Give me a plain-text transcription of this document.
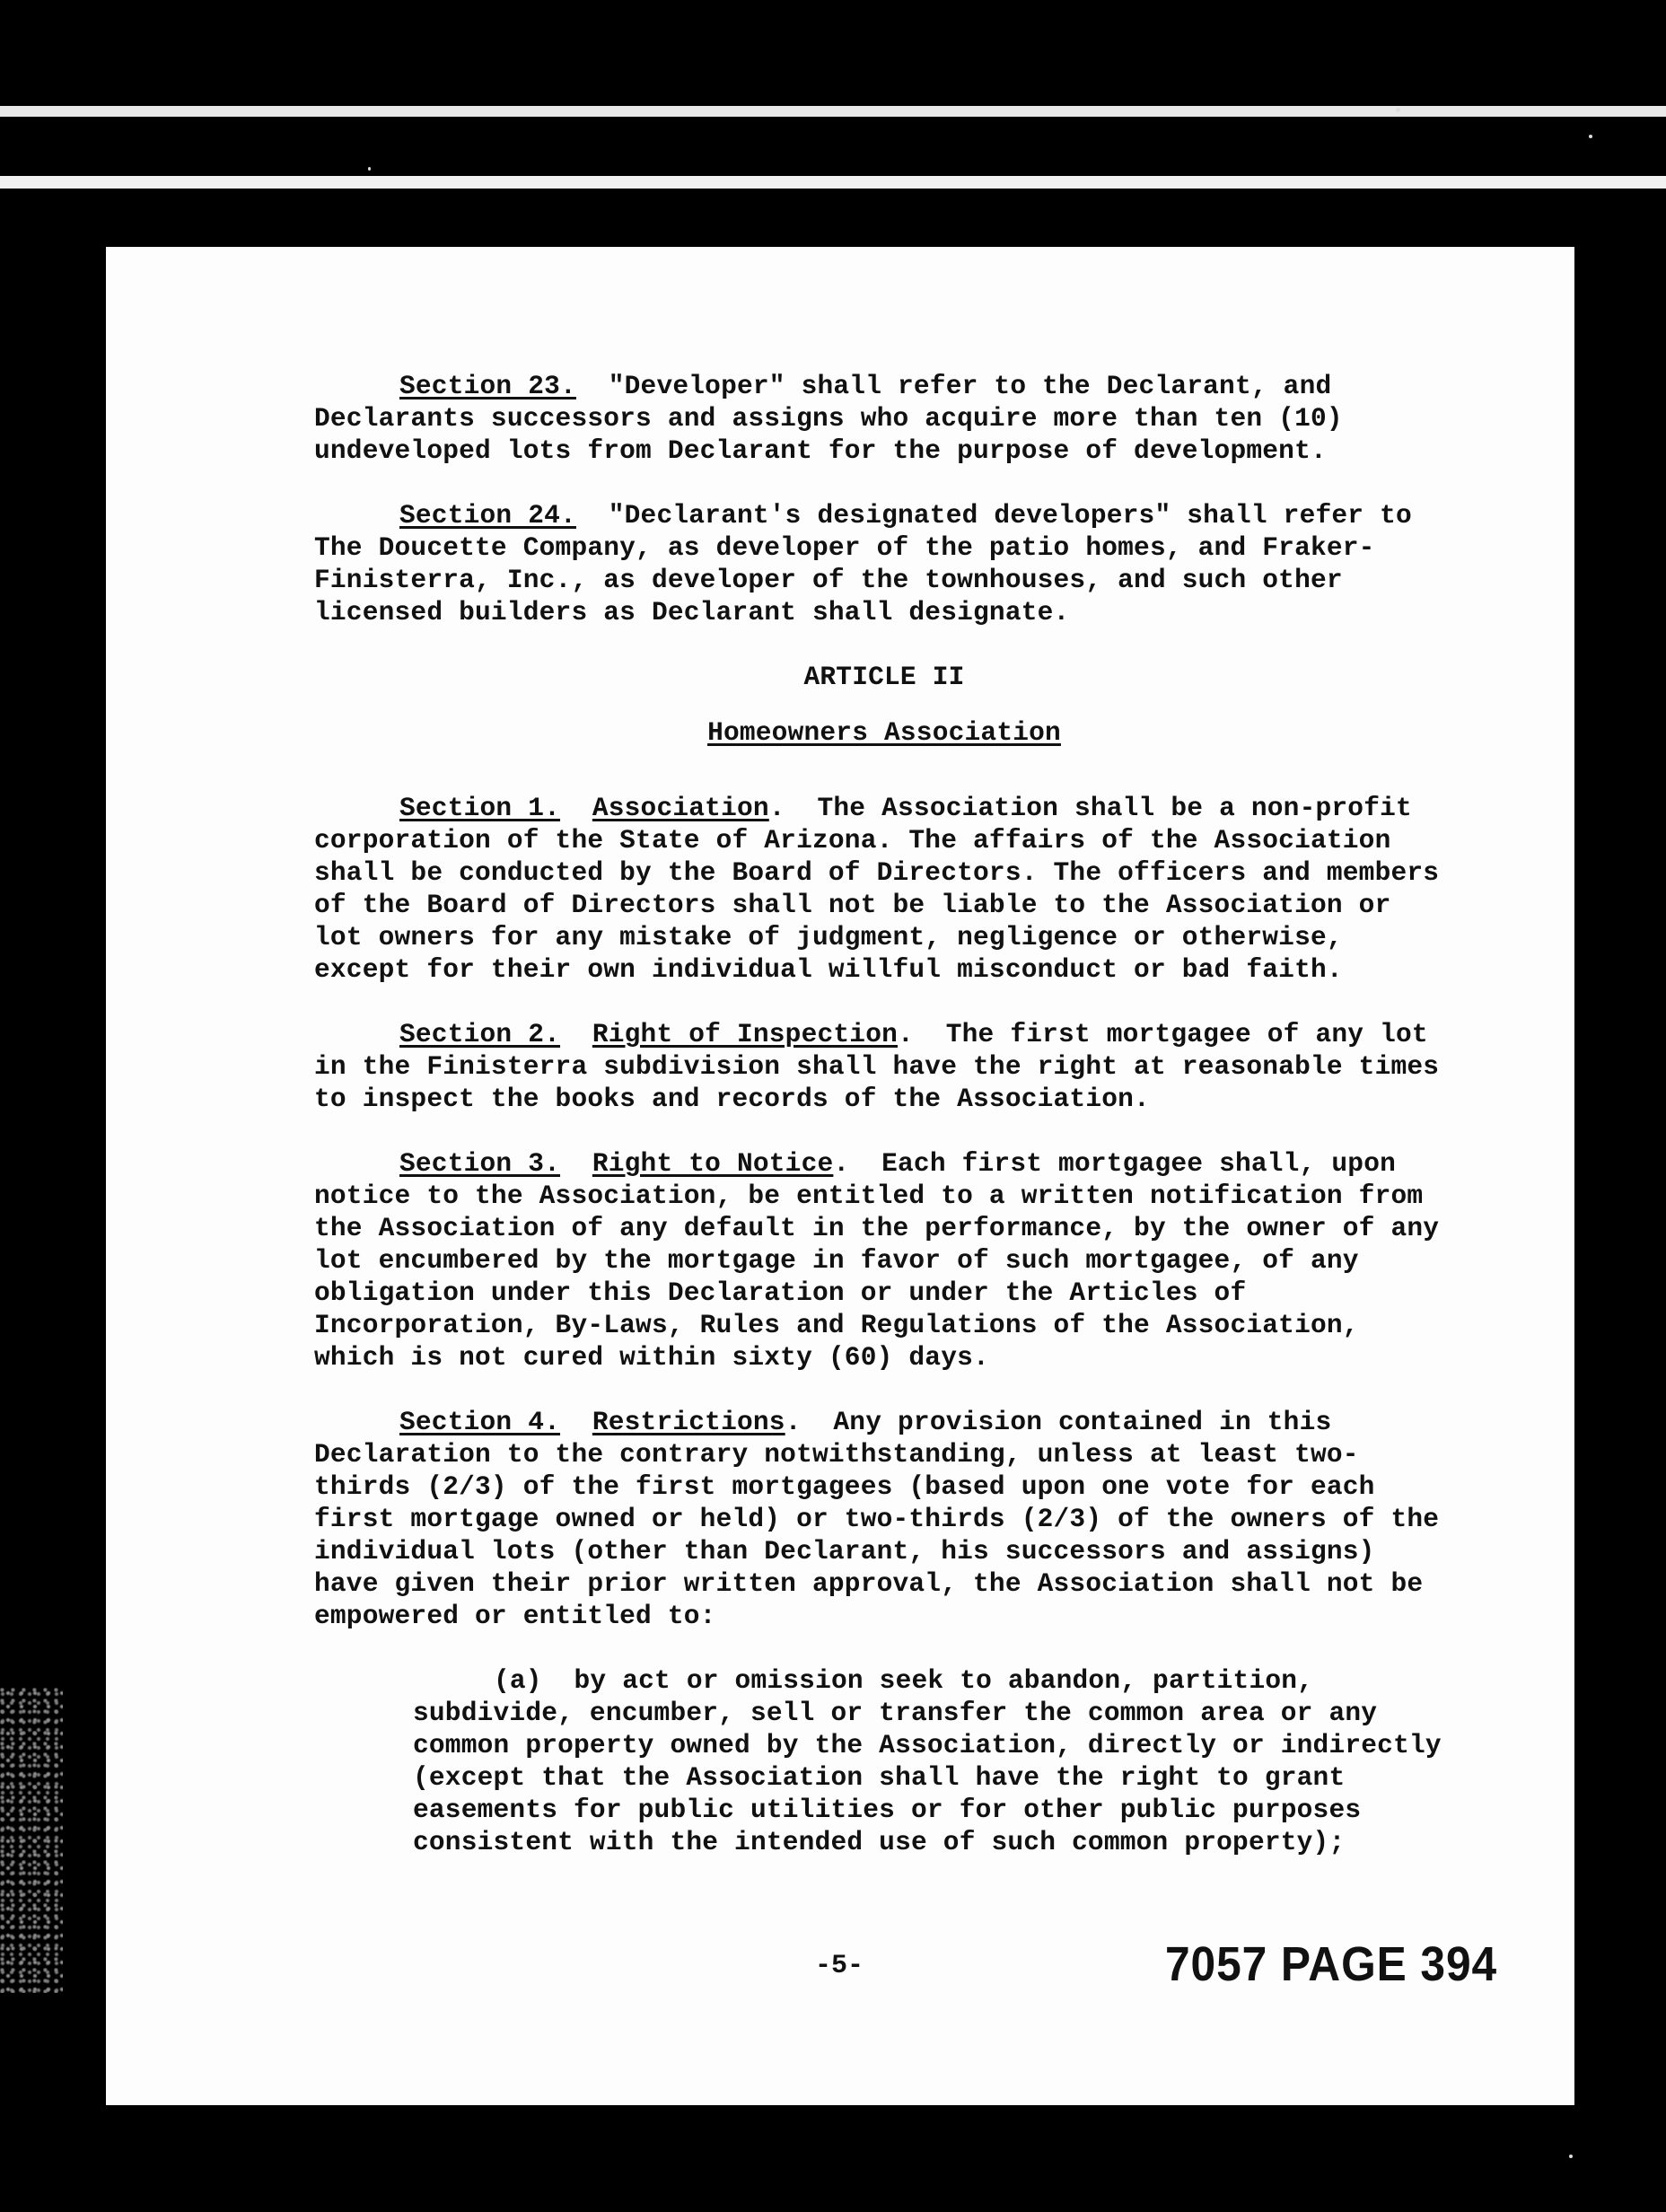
Section 23. "Developer" shall refer to the Declarant, and Declarants successors and assigns who acquire more than ten (10) undeveloped lots from Declarant for the purpose of development.

Section 24. "Declarant's designated developers" shall refer to The Doucette Company, as developer of the patio homes, and Fraker-Finisterra, Inc., as developer of the townhouses, and such other licensed builders as Declarant shall designate.

ARTICLE II

Homeowners Association

Section 1. Association.  The Association shall be a non-profit corporation of the State of Arizona. The affairs of the Association shall be conducted by the Board of Directors. The officers and members of the Board of Directors shall not be liable to the Association or lot owners for any mistake of judgment, negligence or otherwise, except for their own individual willful misconduct or bad faith.

Section 2. Right of Inspection.  The first mortgagee of any lot in the Finisterra subdivision shall have the right at reasonable times to inspect the books and records of the Association.

Section 3. Right to Notice.  Each first mortgagee shall, upon notice to the Association, be entitled to a written notification from the Association of any default in the performance, by the owner of any lot encumbered by the mortgage in favor of such mortgagee, of any obligation under this Declaration or under the Articles of Incorporation, By-Laws, Rules and Regulations of the Association, which is not cured within sixty (60) days.

Section 4. Restrictions.  Any provision contained in this Declaration to the contrary notwithstanding, unless at least two-thirds (2/3) of the first mortgagees (based upon one vote for each first mortgage owned or held) or two-thirds (2/3) of the owners of the individual lots (other than Declarant, his successors and assigns) have given their prior written approval, the Association shall not be empowered or entitled to:

(a) by act or omission seek to abandon, partition, subdivide, encumber, sell or transfer the common area or any common property owned by the Association, directly or indirectly (except that the Association shall have the right to grant easements for public utilities or for other public purposes consistent with the intended use of such common property);

-5-	7057 PAGE 394
